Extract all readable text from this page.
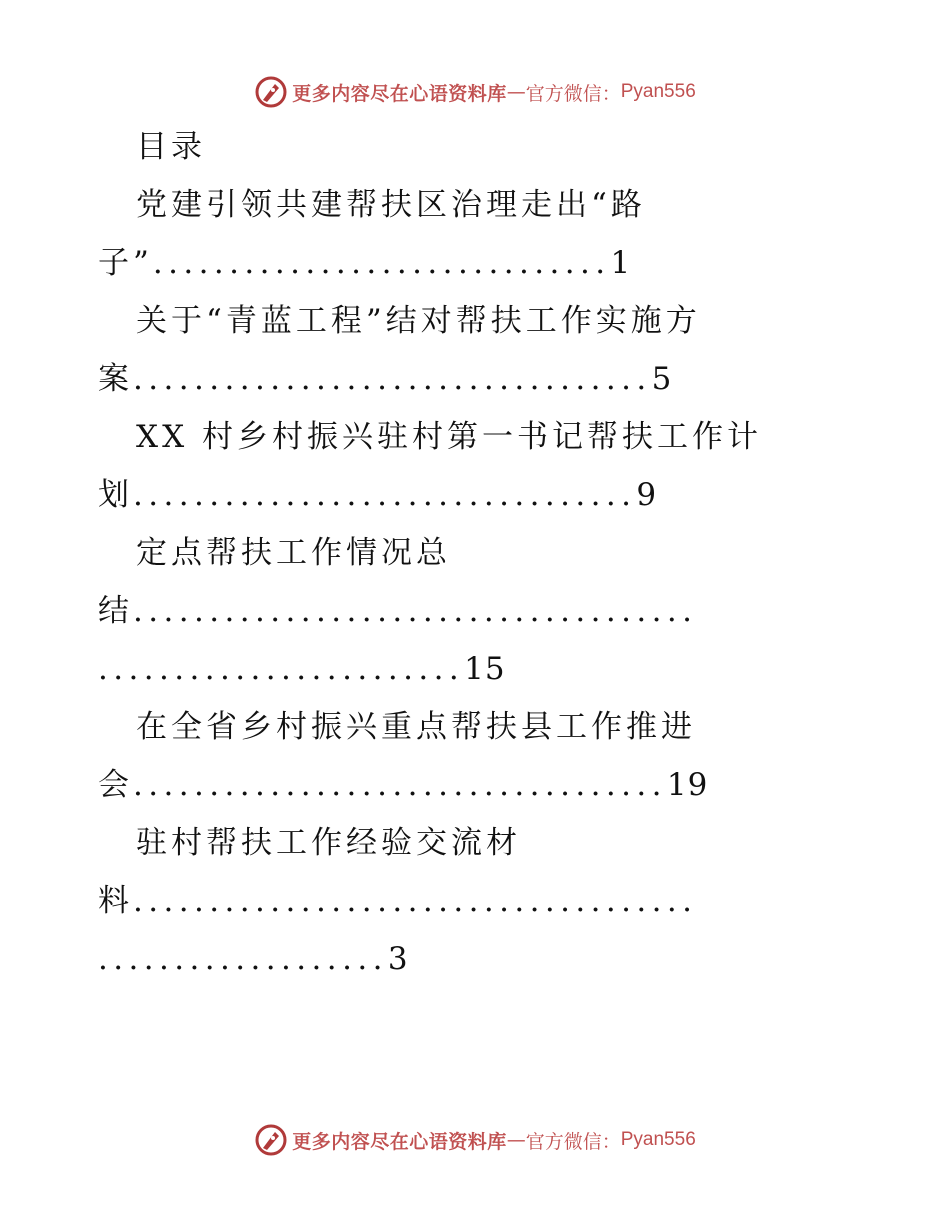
更多内容尽在心语资料库 — 官方微信： Pyan556

目录

党建引领共建帮扶区治理走出“路

子”..............................1

关于“青蓝工程”结对帮扶工作实施方

案..................................5

XX 村乡村振兴驻村第一书记帮扶工作计

划.................................9

定点帮扶工作情况总

结.....................................

........................15

在全省乡村振兴重点帮扶县工作推进

会...................................19

驻村帮扶工作经验交流材

料.....................................

...................3

更多内容尽在心语资料库 — 官方微信： Pyan556
